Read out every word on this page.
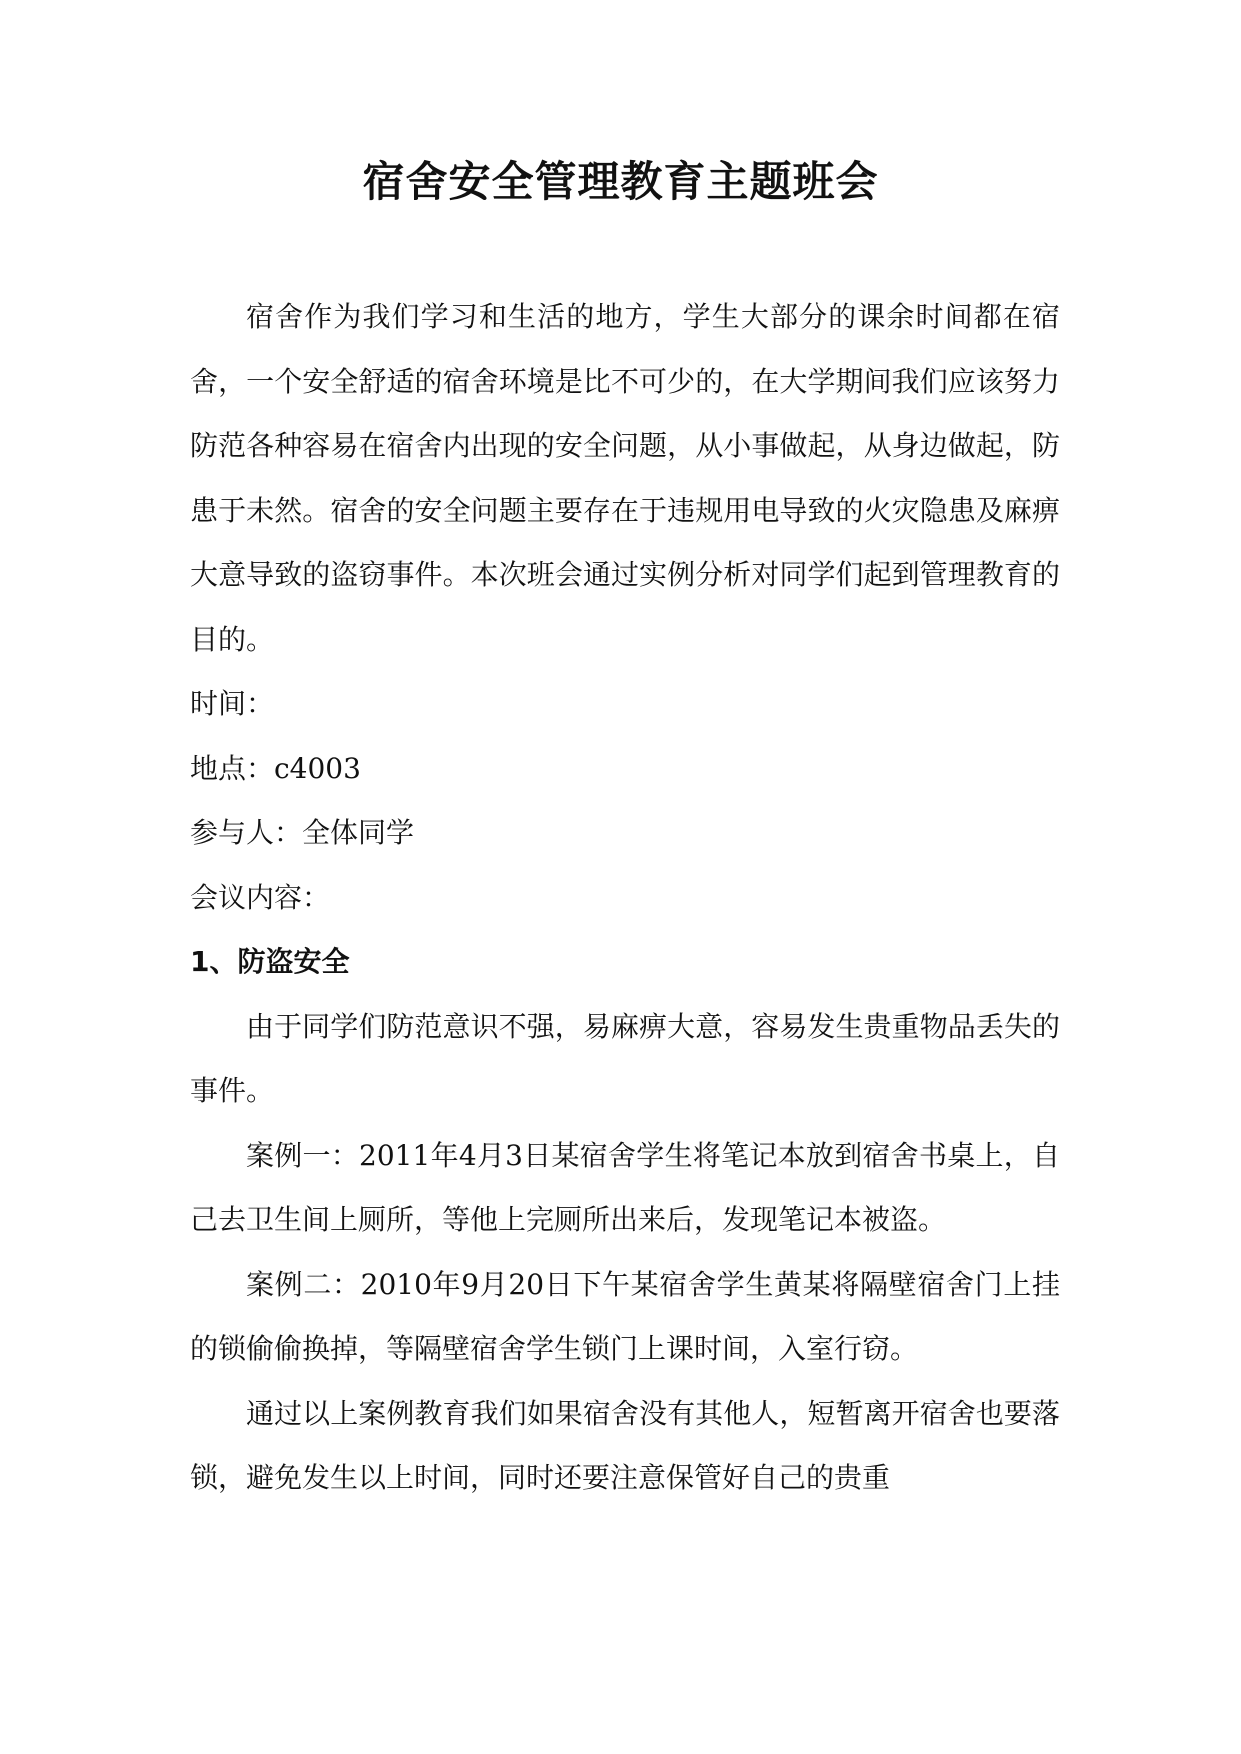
宿舍安全管理教育主题班会

宿舍作为我们学习和生活的地方，学生大部分的课余时间都在宿舍，一个安全舒适的宿舍环境是比不可少的，在大学期间我们应该努力防范各种容易在宿舍内出现的安全问题，从小事做起，从身边做起，防患于未然。宿舍的安全问题主要存在于违规用电导致的火灾隐患及麻痹大意导致的盗窃事件。本次班会通过实例分析对同学们起到管理教育的目的。

时间：

地点：c4003

参与人：全体同学

会议内容：

1、防盗安全

由于同学们防范意识不强，易麻痹大意，容易发生贵重物品丢失的事件。

案例一：2011年4月3日某宿舍学生将笔记本放到宿舍书桌上，自己去卫生间上厕所，等他上完厕所出来后，发现笔记本被盗。

案例二：2010年9月20日下午某宿舍学生黄某将隔壁宿舍门上挂的锁偷偷换掉，等隔壁宿舍学生锁门上课时间，入室行窃。

通过以上案例教育我们如果宿舍没有其他人，短暂离开宿舍也要落锁，避免发生以上时间，同时还要注意保管好自己的贵重
